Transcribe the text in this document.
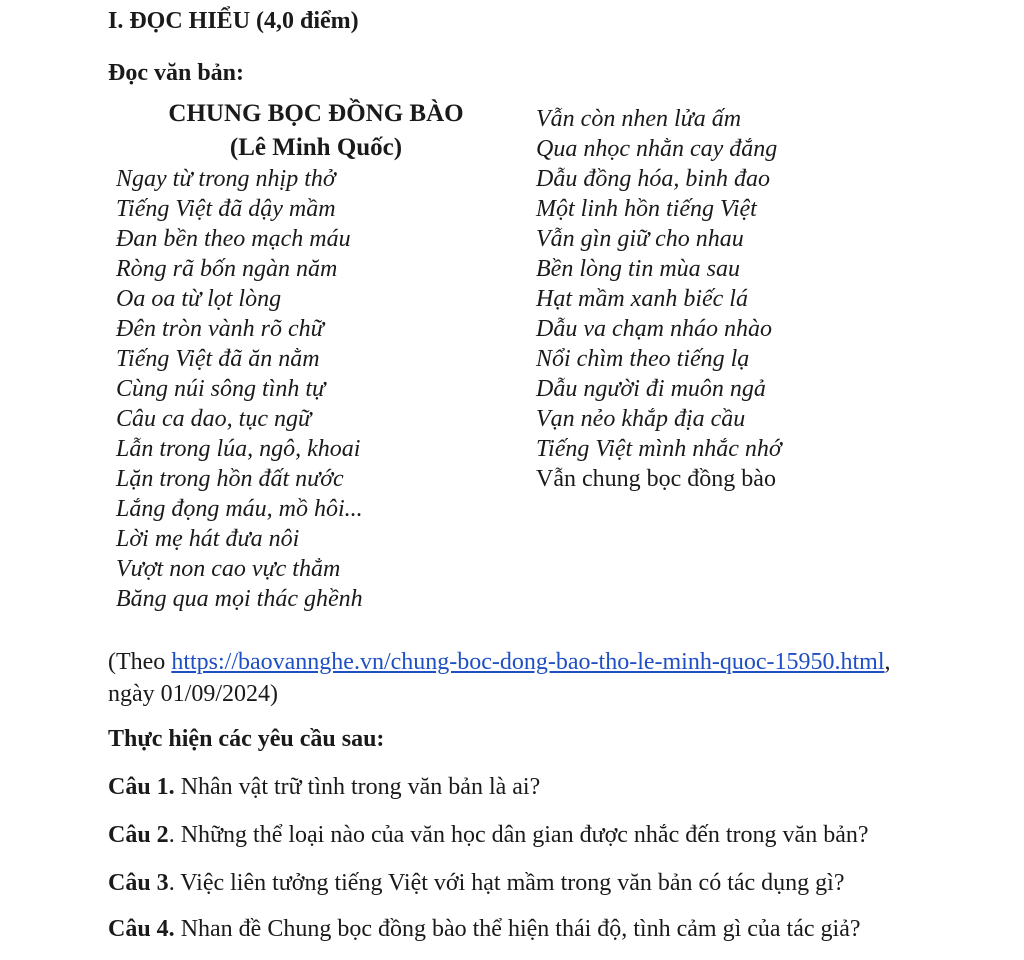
I. ĐỌC HIỂU (4,0 điểm)
Đọc văn bản:
CHUNG BỌC ĐỒNG BÀO
(Lê Minh Quốc)
Ngay từ trong nhịp thở
Tiếng Việt đã dậy mầm
Đan bền theo mạch máu
Ròng rã bốn ngàn năm
Oa oa từ lọt lòng
Đên tròn vành rõ chữ
Tiếng Việt đã ăn nằm
Cùng núi sông tình tự
Câu ca dao, tục ngữ
Lẫn trong lúa, ngô, khoai
Lặn trong hồn đất nước
Lắng đọng máu, mồ hôi...
Lời mẹ hát đưa nôi
Vượt non cao vực thẳm
Băng qua mọi thác ghềnh
Vẫn còn nhen lửa ấm
Qua nhọc nhằn cay đắng
Dẫu đồng hóa, binh đao
Một linh hồn tiếng Việt
Vẫn gìn giữ cho nhau
Bền lòng tin mùa sau
Hạt mầm xanh biếc lá
Dẫu va chạm nháo nhào
Nổi chìm theo tiếng lạ
Dẫu người đi muôn ngả
Vạn nẻo khắp địa cầu
Tiếng Việt mình nhắc nhớ
Vẫn chung bọc đồng bào
(Theo https://baovannghe.vn/chung-boc-dong-bao-tho-le-minh-quoc-15950.html, ngày 01/09/2024)
Thực hiện các yêu cầu sau:
Câu 1. Nhân vật trữ tình trong văn bản là ai?
Câu 2. Những thể loại nào của văn học dân gian được nhắc đến trong văn bản?
Câu 3. Việc liên tưởng tiếng Việt với hạt mầm trong văn bản có tác dụng gì?
Câu 4. Nhan đề Chung bọc đồng bào thể hiện thái độ, tình cảm gì của tác giả?
